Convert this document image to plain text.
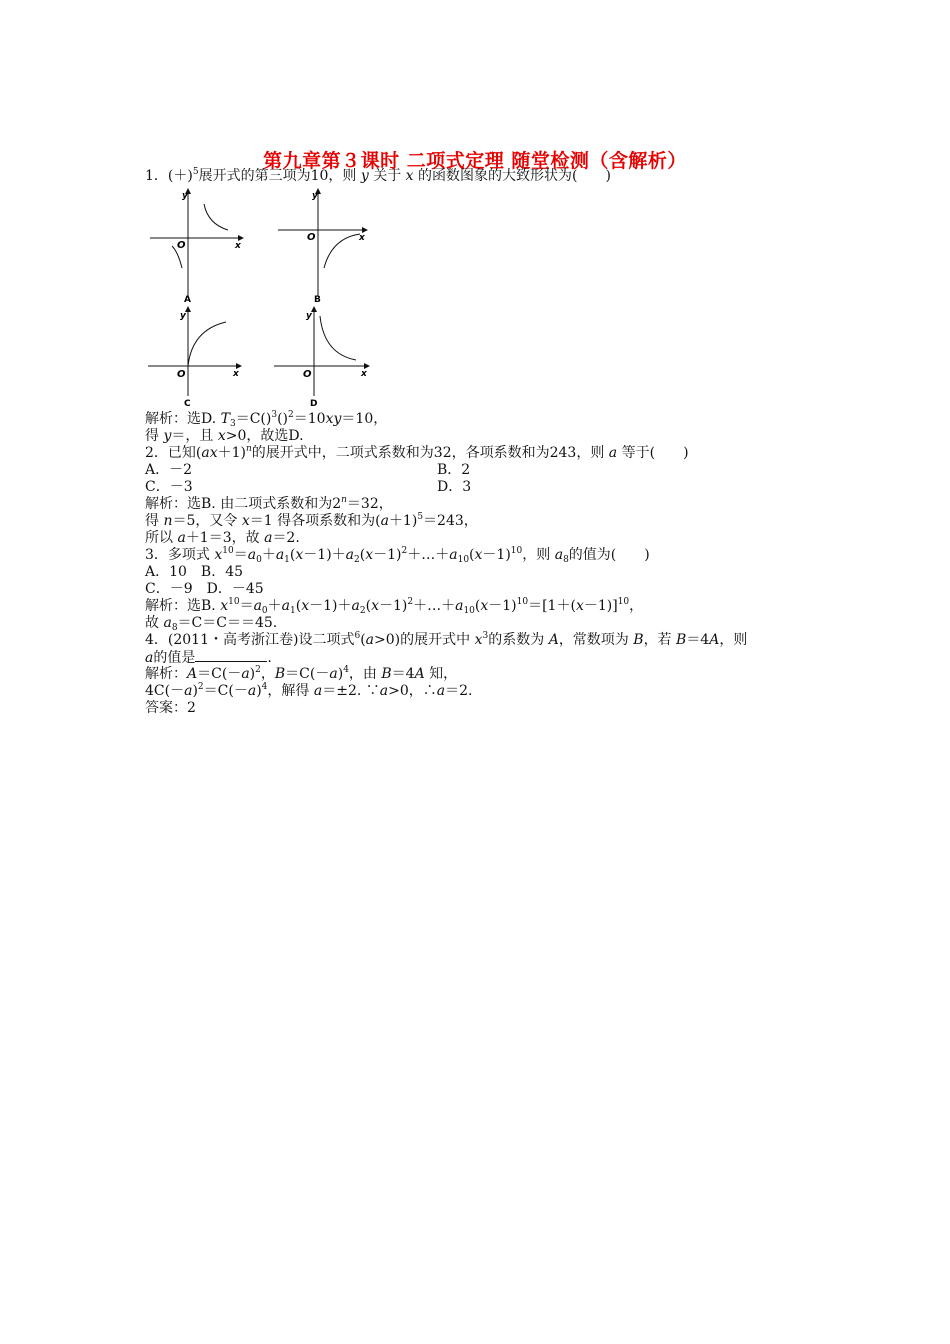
第九章第３课时 二项式定理 随堂检测（含解析）
1．$(+)^5$展开式的第三项为10，则 y 关于 x 的函数图象的大致形状为(　　)
y
x
O
A
y
x
O
B
y
x
O
C
y
x
O
D
解析：选D. $T_3=C()^3()^2=10xy=10$，
得 y＝，且 x>0，故选D.
2．已知$(ax+1)^n$的展开式中，二项式系数和为32，各项系数和为243，则 a 等于(　　)
A．－2	B．2
C．－3	D．3
解析：选B. 由二项式系数和为$2^n=32$，
得 n＝5，又令 x＝1 得各项系数和为$(a+1)^5=243$，
所以 a＋1＝3，故 a＝2.
3．多项式 $x^{10}=a_0+a_1(x-1)+a_2(x-1)^2+\dots+a_{10}(x-1)^{10}$，则 $a_8$的值为(　　)
A．10　B．45
C．－9　D．－45
解析：选B. $x^{10}=a_0+a_1(x-1)+a_2(x-1)^2+\dots+a_{10}(x-1)^{10}=[1+(x-1)]^{10}$，
故 $a_8=C=C==45$.
4．(2011・高考浙江卷)设二项式$^6$(a>0)的展开式中 $x^3$的系数为 A，常数项为 B，若 B＝4A，则
a的值是	.
解析：$A=C(-a)^2$，$B=C(-a)^4$，由 B＝4A 知，
$4C(-a)^2=C(-a)^4$，解得 a＝±2. ∵a>0，∴a＝2.
答案：2
